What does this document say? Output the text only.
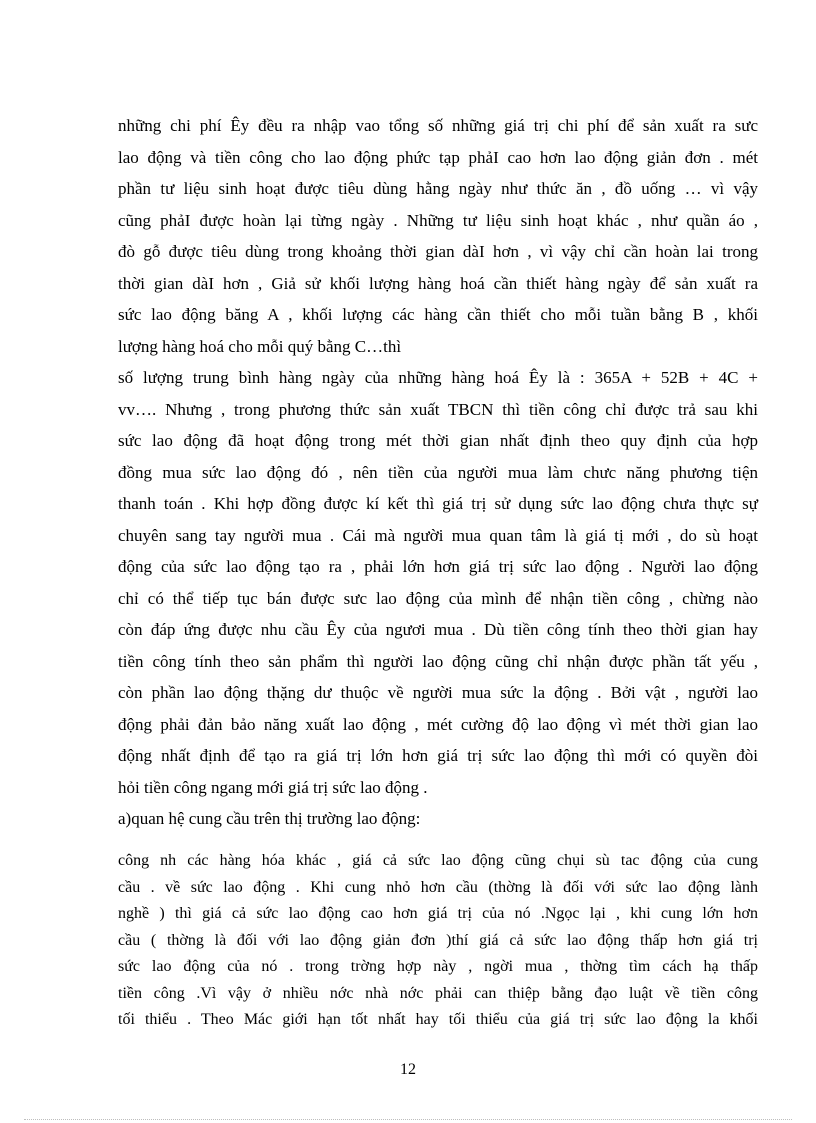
những chi phí Êy đều ra nhập vao tổng số những giá trị chi phí để sản xuất ra sưc
lao động và tiền công cho lao động phức tạp phảI cao hơn lao động giản đơn . mét
phần tư liệu sinh hoạt được tiêu dùng hằng ngày như thức ăn , đồ uống … vì vậy
cũng phảI được hoàn lại từng ngày . Những tư liệu sinh hoạt khác , như quần áo ,
đò gỗ được tiêu dùng trong khoảng thời gian dàI hơn , vì vậy chỉ cần hoàn lai trong
thời gian dàI hơn , Giả sử khối lượng hàng hoá cần thiết hàng ngày để sản xuất ra
sức lao động băng A , khối lượng các hàng cần thiết cho mỗi tuần bằng B , khối
lượng hàng hoá cho mỗi quý bằng C…thì
số lượng trung bình hàng ngày của những hàng hoá Êy là : 365A + 52B + 4C +
vv…. Nhưng , trong phương thức sản xuất TBCN thì tiền công chỉ được trả sau khi
sức lao động đã hoạt động trong mét thời gian nhất định theo quy định của hợp
đồng mua sức lao động đó , nên tiền của người mua làm chưc năng phương tiện
thanh toán . Khi hợp đồng được kí kết thì giá trị sử dụng sức lao động chưa thực sự
chuyên sang tay người mua . Cái mà người mua quan tâm là giá tị mới , do sù hoạt
động của sức lao động tạo ra , phải lớn hơn giá trị sức lao động . Người lao động
chỉ có thể tiếp tục bán được sưc lao động của mình để nhận tiền công , chừng nào
còn đáp ứng được nhu cầu Êy của ngươi mua . Dù tiền công tính theo thời gian hay
tiền công tính theo sản phẩm thì người lao động cũng chỉ nhận được phần tất yếu ,
còn phần lao động thặng dư thuộc về người mua sức la động . Bởi vật , người lao
động phải đản bảo năng xuất lao động , mét cường độ lao động vì mét thời gian lao
động nhất định để tạo ra giá trị lớn hơn giá trị sức lao động thì mới có quyền đòi
hỏi tiền công ngang mới giá trị sức lao động .
a)quan hệ cung cầu trên thị trường lao động:
công nh các hàng hóa khác , giá cả sức lao động cũng chụi sù tac động của cung
cầu . về sức lao động . Khi cung nhỏ hơn cầu (thờng là đối với sức lao động lành
nghề ) thì giá cả sức lao động cao hơn giá trị của nó .Ngọc lại , khi cung lớn hơn
cầu ( thờng là đối với lao động giản đơn )thí giá cả sức lao động thấp hơn giá trị
sức lao động của nó . trong trờng hợp này , ngời mua , thờng tìm cách hạ thấp
tiền công .Vì vậy ở nhiều nớc nhà nớc phải can thiệp bằng đạo luật về tiền công
tối thiểu . Theo Mác giới hạn tốt nhất hay tối thiểu của giá trị sức lao động la khối
12
